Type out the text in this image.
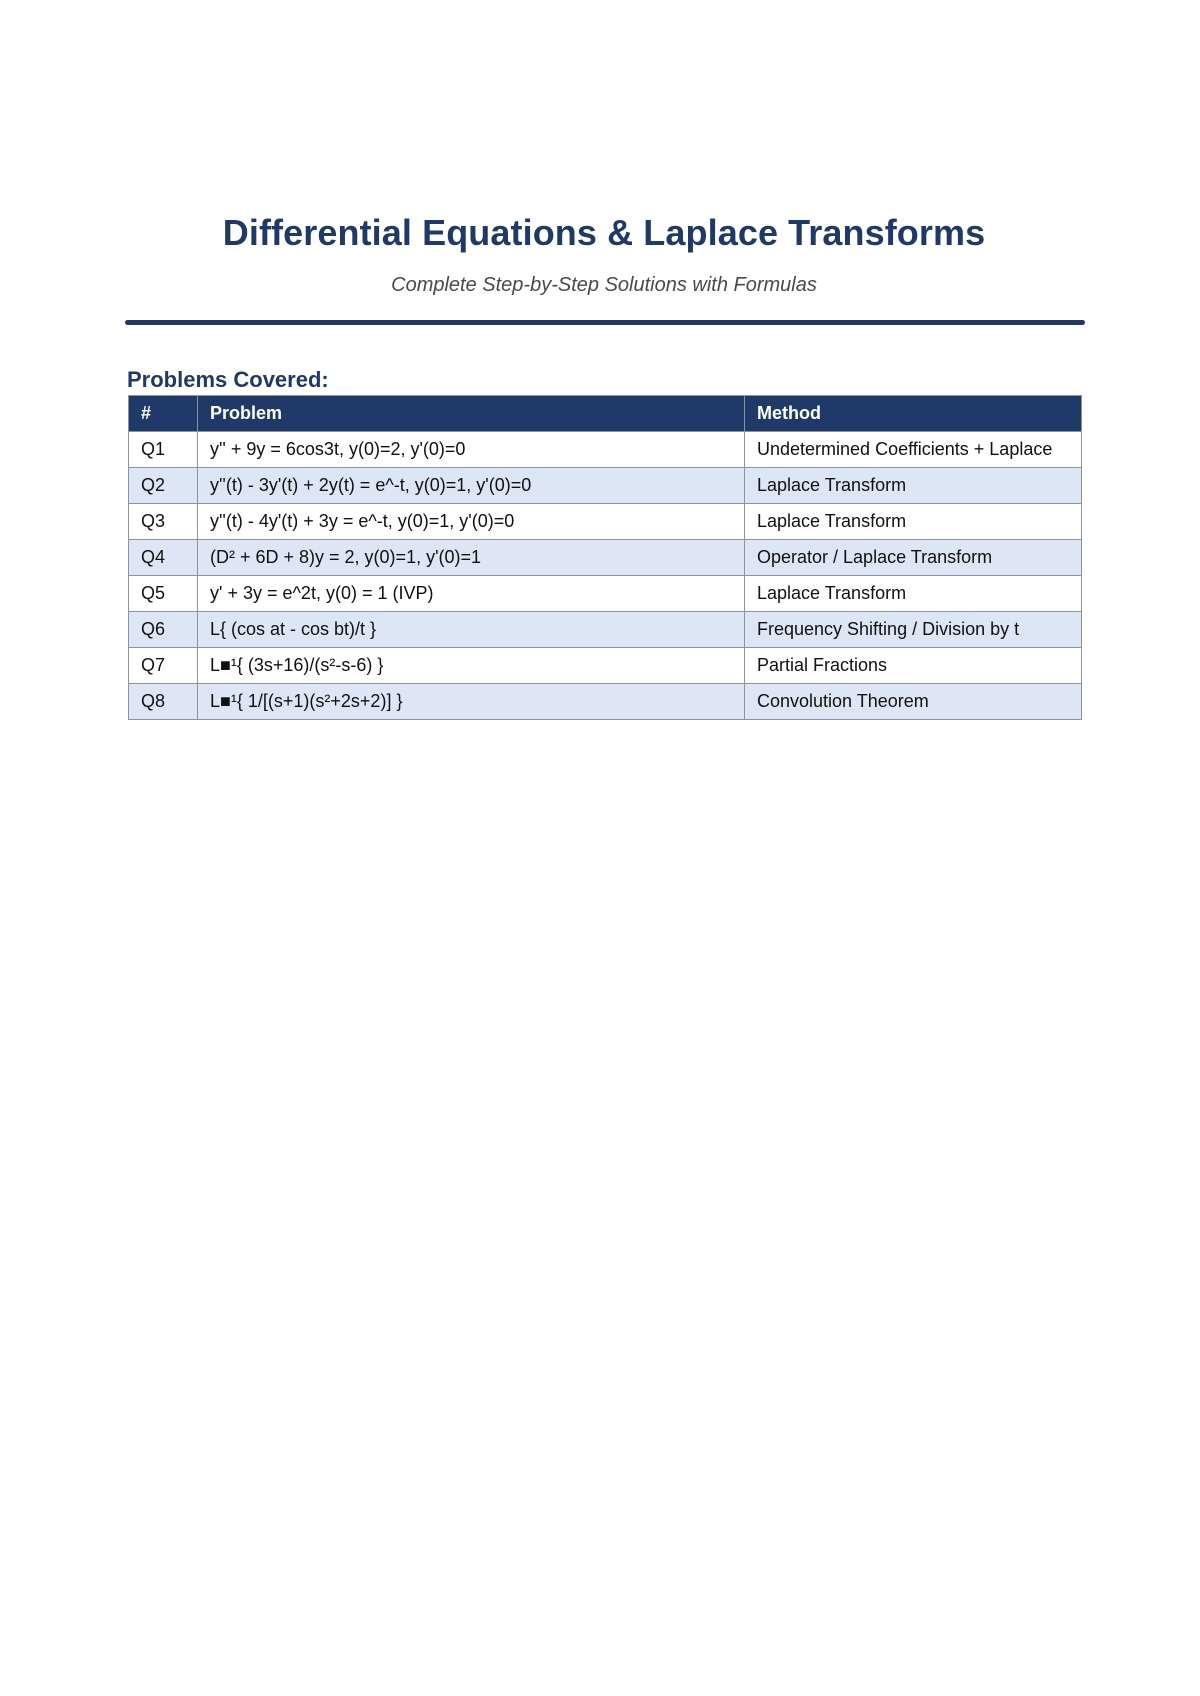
Differential Equations & Laplace Transforms
Complete Step-by-Step Solutions with Formulas
Problems Covered:
#	Problem	Method
Q1	y'' + 9y = 6cos3t, y(0)=2, y'(0)=0	Undetermined Coefficients + Laplace
Q2	y''(t) - 3y'(t) + 2y(t) = e^-t, y(0)=1, y'(0)=0	Laplace Transform
Q3	y''(t) - 4y'(t) + 3y = e^-t, y(0)=1, y'(0)=0	Laplace Transform
Q4	(D² + 6D + 8)y = 2, y(0)=1, y'(0)=1	Operator / Laplace Transform
Q5	y' + 3y = e^2t, y(0) = 1 (IVP)	Laplace Transform
Q6	L{ (cos at - cos bt)/t }	Frequency Shifting / Division by t
Q7	L■¹{ (3s+16)/(s²-s-6) }	Partial Fractions
Q8	L■¹{ 1/[(s+1)(s²+2s+2)] }	Convolution Theorem
